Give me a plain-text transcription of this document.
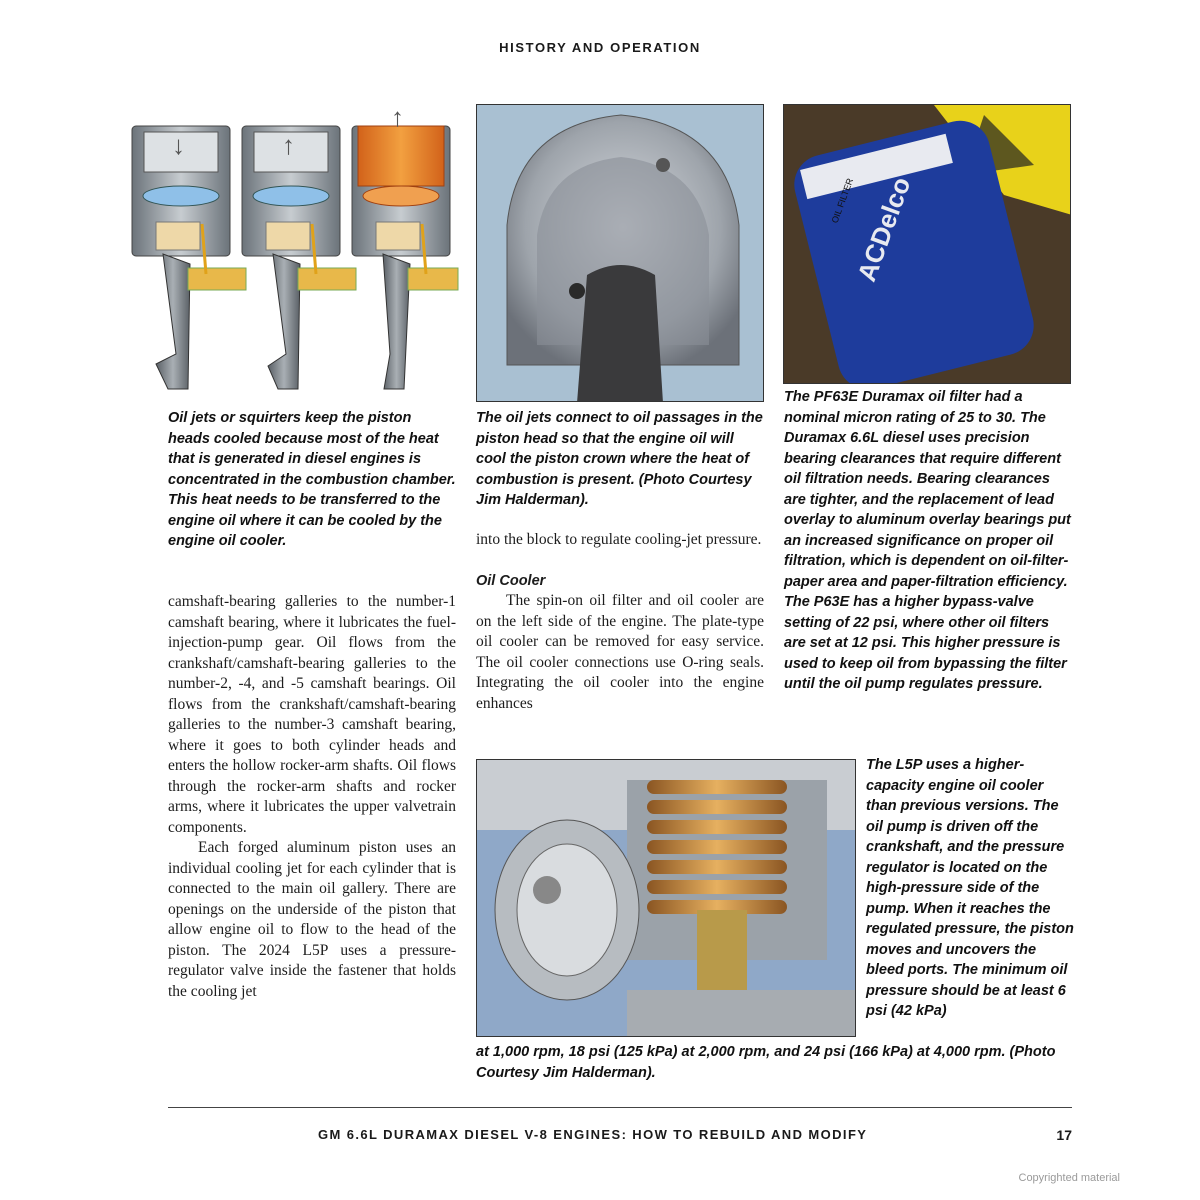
HISTORY AND OPERATION
↓	↑
↑
ACDelco
OIL FILTER
Oil jets or squirters keep the piston heads cooled because most of the heat that is generated in diesel engines is concentrated in the combustion chamber. This heat needs to be transferred to the engine oil where it can be cooled by the engine oil cooler.
The oil jets connect to oil passages in the piston head so that the engine oil will cool the piston crown where the heat of combustion is present. (Photo Courtesy Jim Halderman).
The PF63E Duramax oil filter had a nominal micron rating of 25 to 30. The Duramax 6.6L diesel uses precision bearing clearances that require different oil filtration needs. Bearing clearances are tighter, and the replacement of lead overlay to aluminum overlay bearings put an increased significance on proper oil filtration, which is dependent on oil-filter-paper area and paper-filtration efficiency. The P63E has a higher bypass-valve setting of 22 psi, where other oil filters are set at 12 psi. This higher pressure is used to keep oil from bypassing the filter until the oil pump regulates pressure.
The L5P uses a higher-capacity engine oil cooler than previous versions. The oil pump is driven off the crankshaft, and the pressure regulator is located on the high-pressure side of the pump. When it reaches the regulated pressure, the piston moves and uncovers the bleed ports. The minimum oil pressure should be at least 6 psi (42 kPa)
at 1,000 rpm, 18 psi (125 kPa) at 2,000 rpm, and 24 psi (166 kPa) at 4,000 rpm. (Photo Courtesy Jim Halderman).

camshaft-bearing galleries to the number-1 camshaft bearing, where it lubricates the fuel-injection-pump gear. Oil flows from the crankshaft/camshaft-bearing galleries to the number-2, -4, and -5 camshaft bearings. Oil flows from the crankshaft/camshaft-bearing galleries to the number-3 camshaft bearing, where it goes to both cylinder heads and enters the hollow rocker-arm shafts. Oil flows through the rocker-arm shafts and rocker arms, where it lubricates the upper valvetrain components.

Each forged aluminum piston uses an individual cooling jet for each cylinder that is connected to the main oil gallery. There are openings on the underside of the piston that allow engine oil to flow to the head of the piston. The 2024 L5P uses a pressure-regulator valve inside the fastener that holds the cooling jet

into the block to regulate cooling-jet pressure.

Oil Cooler

The spin-on oil filter and oil cooler are on the left side of the engine. The plate-type oil cooler can be removed for easy service. The oil cooler connections use O-ring seals. Integrating the oil cooler into the engine enhances

GM 6.6L DURAMAX DIESEL V-8 ENGINES: HOW TO REBUILD AND MODIFY	17
Copyrighted material
